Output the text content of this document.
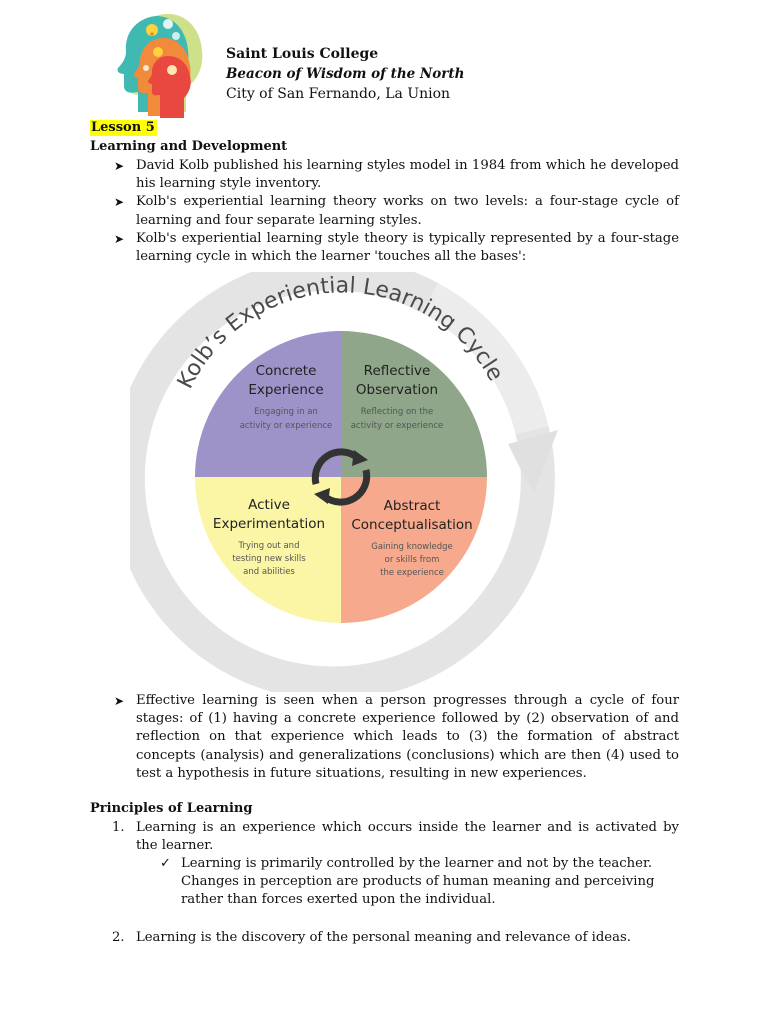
Saint Louis College
Beacon of Wisdom of the North
City of San Fernando, La Union
Lesson 5
Learning and Development
➤ David Kolb published his learning styles model in 1984 from which he developed his learning style inventory.
➤ Kolb's experiential learning theory works on two levels: a four-stage cycle of learning and four separate learning styles.
➤ Kolb's experiential learning style theory is typically represented by a four-stage learning cycle in which the learner 'touches all the bases':
Kolb’s Experiential Learning Cycle
Concrete
Experience
Engaging in an
activity or experience
Reflective
Observation
Reflecting on the
activity or experience
Abstract
Conceptualisation
Gaining knowledge
or skills from
the experience
Active
Experimentation
Trying out and
testing new skills
and abilities
➤ Effective learning is seen when a person progresses through a cycle of four stages: of (1) having a concrete experience followed by (2) observation of and reflection on that experience which leads to (3) the formation of abstract concepts (analysis) and generalizations (conclusions) which are then (4) used to test a hypothesis in future situations, resulting in new experiences.
Principles of Learning
1. Learning is an experience which occurs inside the learner and is activated by the learner.
✓ Learning is primarily controlled by the learner and not by the teacher. Changes in perception are products of human meaning and perceiving rather than forces exerted upon the individual.
2. Learning is the discovery of the personal meaning and relevance of ideas.
